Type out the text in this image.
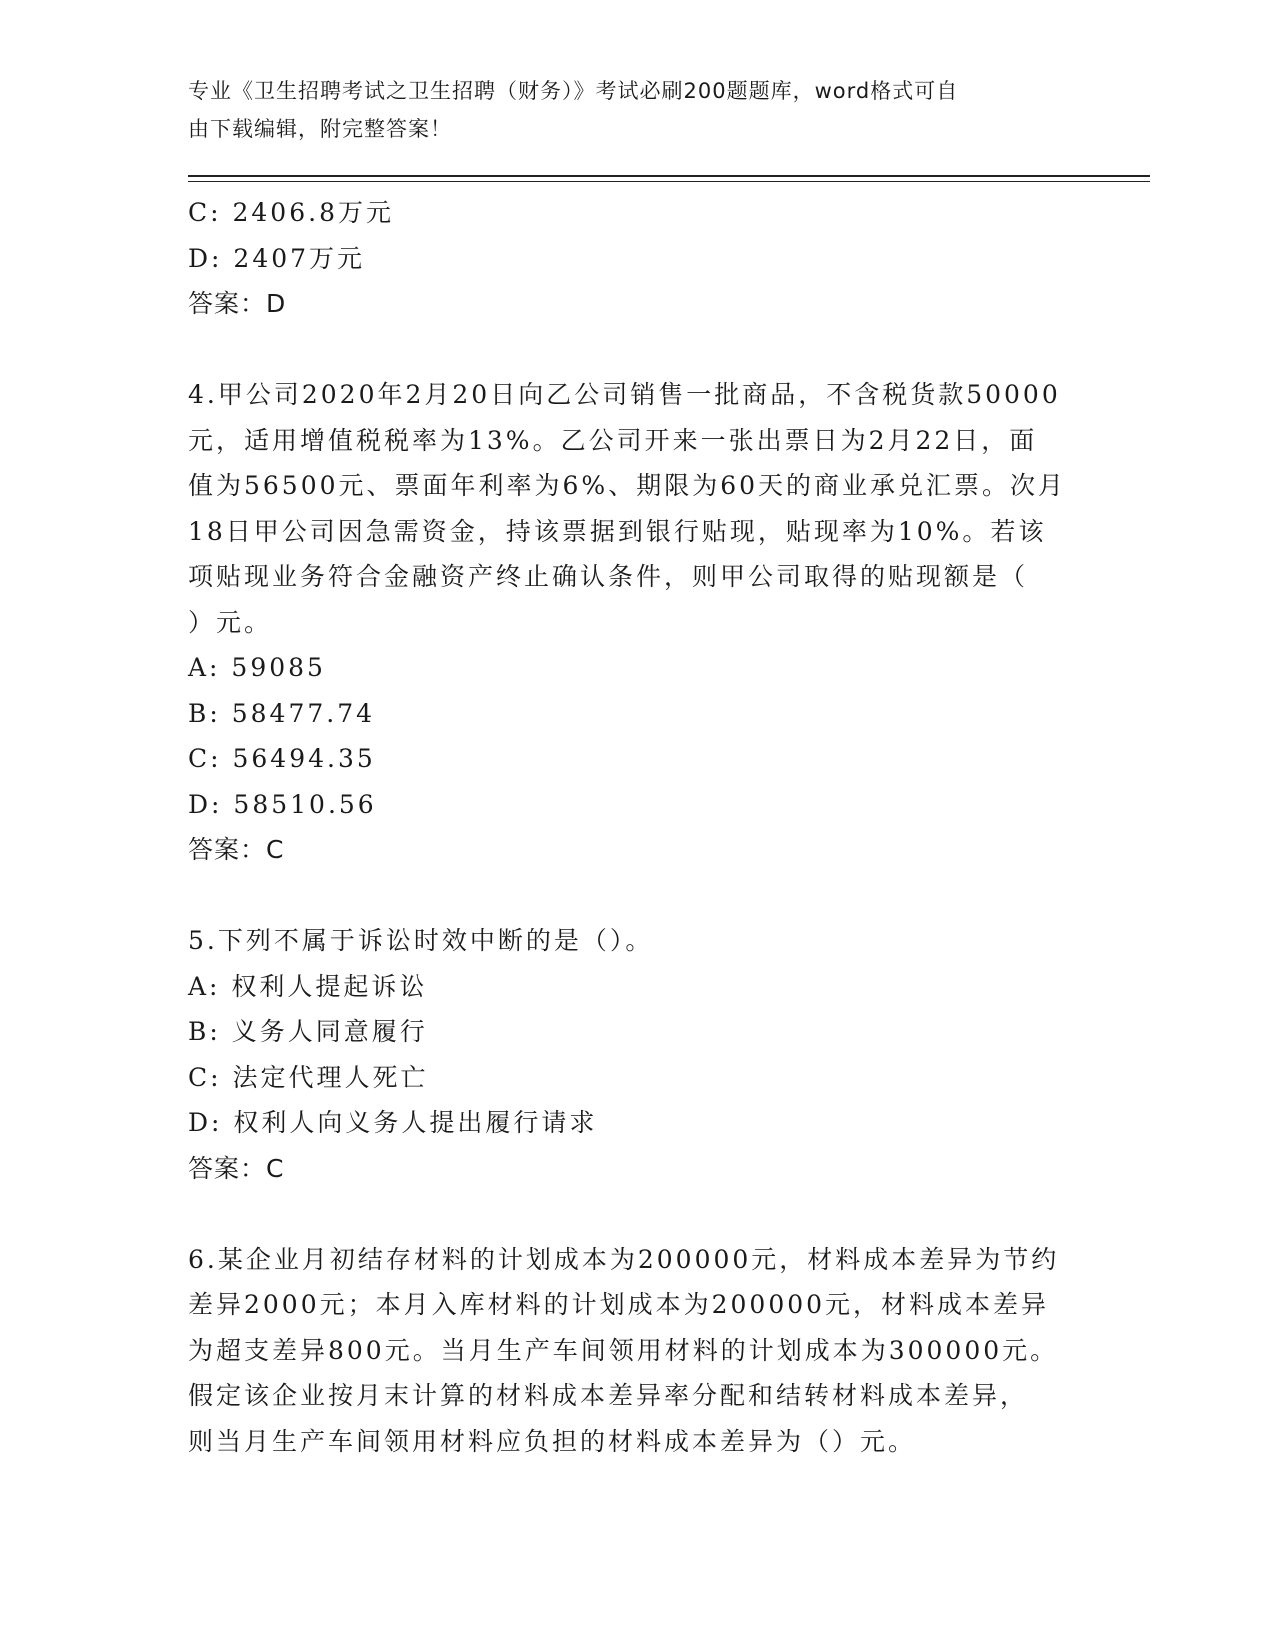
专业《卫生招聘考试之卫生招聘（财务）》考试必刷200题题库，word格式可自
由下载编辑，附完整答案！
C: 2406.8万元
D: 2407万元
答案：D
4.甲公司2020年2月20日向乙公司销售一批商品，不含税货款50000
元，适用增值税税率为13%。乙公司开来一张出票日为2月22日，面
值为56500元、票面年利率为6%、期限为60天的商业承兑汇票。次月
18日甲公司因急需资金，持该票据到银行贴现，贴现率为10%。若该
项贴现业务符合金融资产终止确认条件，则甲公司取得的贴现额是（
）元。
A: 59085
B: 58477.74
C: 56494.35
D: 58510.56
答案：C
5.下列不属于诉讼时效中断的是（）。
A: 权利人提起诉讼
B: 义务人同意履行
C: 法定代理人死亡
D: 权利人向义务人提出履行请求
答案：C
6.某企业月初结存材料的计划成本为200000元，材料成本差异为节约
差异2000元；本月入库材料的计划成本为200000元，材料成本差异
为超支差异800元。当月生产车间领用材料的计划成本为300000元。
假定该企业按月末计算的材料成本差异率分配和结转材料成本差异，
则当月生产车间领用材料应负担的材料成本差异为（）元。
